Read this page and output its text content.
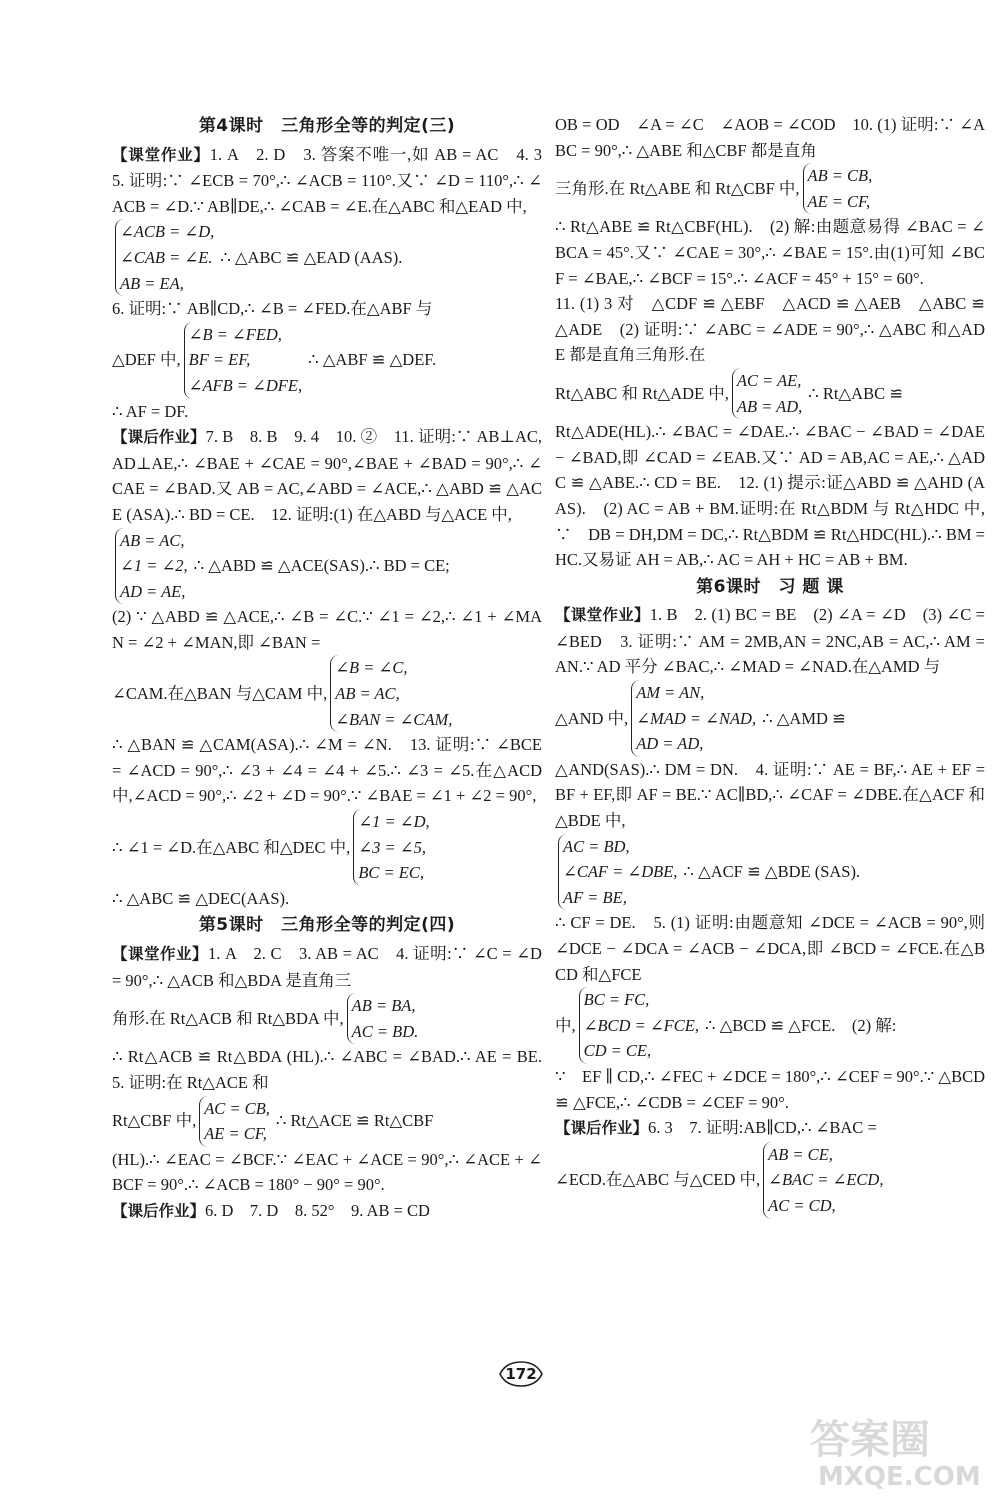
第4课时　三角形全等的判定(三)

【课堂作业】1. A　2. D　3. 答案不唯一,如 AB = AC　4. 3　5. 证明:∵ ∠ECB = 70°,∴ ∠ACB = 110°.又∵ ∠D = 110°,∴ ∠ACB = ∠D.∵ AB∥DE,∴ ∠CAB = ∠E.在△ABC 和△EAD 中,

∠ACB = ∠D,
∠CAB = ∠E.
AB = EA,
∴ △ABC ≌ △EAD (AAS).

6. 证明:∵ AB∥CD,∴ ∠B = ∠FED.在△ABF 与

△DEF 中,
∠B = ∠FED,
BF = EF,
∠AFB = ∠DFE,
∴ △ABF ≌ △DEF.

∴ AF = DF.

【课后作业】7. B　8. B　9. 4　10. ②　11. 证明:∵ AB⊥AC,AD⊥AE,∴ ∠BAE + ∠CAE = 90°,∠BAE + ∠BAD = 90°,∴ ∠CAE = ∠BAD.又 AB = AC,∠ABD = ∠ACE,∴ △ABD ≌ △ACE (ASA).∴ BD = CE.　12. 证明:(1) 在△ABD 与△ACE 中,

AB = AC,
∠1 = ∠2,
AD = AE,
∴ △ABD ≌ △ACE(SAS).∴ BD = CE;

(2) ∵ △ABD ≌ △ACE,∴ ∠B = ∠C.∵ ∠1 = ∠2,∴ ∠1 + ∠MAN = ∠2 + ∠MAN,即 ∠BAN =

∠CAM.在△BAN 与△CAM 中,
∠B = ∠C,
AB = AC,
∠BAN = ∠CAM,

∴ △BAN ≌ △CAM(ASA).∴ ∠M = ∠N.　13. 证明:∵ ∠BCE = ∠ACD = 90°,∴ ∠3 + ∠4 = ∠4 + ∠5.∴ ∠3 = ∠5.在△ACD 中,∠ACD = 90°,∴ ∠2 + ∠D = 90°.∵ ∠BAE = ∠1 + ∠2 = 90°,

∴ ∠1 = ∠D.在△ABC 和△DEC 中,
∠1 = ∠D,
∠3 = ∠5,
BC = EC,

∴ △ABC ≌ △DEC(AAS).

第5课时　三角形全等的判定(四)

【课堂作业】1. A　2. C　3. AB = AC　4. 证明:∵ ∠C = ∠D = 90°,∴ △ACB 和△BDA 是直角三

角形.在 Rt△ACB 和 Rt△BDA 中,
AB = BA,
AC = BD.

∴ Rt△ACB ≌ Rt△BDA (HL).∴ ∠ABC = ∠BAD.∴ AE = BE.　5. 证明:在 Rt△ACE 和

Rt△CBF 中,
AC = CB,
AE = CF,
∴ Rt△ACE ≌ Rt△CBF

(HL).∴ ∠EAC = ∠BCF.∵ ∠EAC + ∠ACE = 90°,∴ ∠ACE + ∠BCF = 90°.∴ ∠ACB = 180° − 90° = 90°.

【课后作业】6. D　7. D　8. 52°　9. AB = CD

OB = OD　∠A = ∠C　∠AOB = ∠COD　10. (1) 证明:∵ ∠ABC = 90°,∴ △ABE 和△CBF 都是直角

三角形.在 Rt△ABE 和 Rt△CBF 中,
AB = CB,
AE = CF,

∴ Rt△ABE ≌ Rt△CBF(HL).　(2) 解:由题意易得 ∠BAC = ∠BCA = 45°.又∵ ∠CAE = 30°,∴ ∠BAE = 15°.由(1)可知 ∠BCF = ∠BAE,∴ ∠BCF = 15°.∴ ∠ACF = 45° + 15° = 60°.

11. (1) 3 对　△CDF ≌ △EBF　△ACD ≌ △AEB　△ABC ≌ △ADE　(2) 证明:∵ ∠ABC = ∠ADE = 90°,∴ △ABC 和△ADE 都是直角三角形.在

Rt△ABC 和 Rt△ADE 中,
AC = AE,
AB = AD,
∴ Rt△ABC ≌

Rt△ADE(HL).∴ ∠BAC = ∠DAE.∴ ∠BAC − ∠BAD = ∠DAE − ∠BAD,即 ∠CAD = ∠EAB.又∵ AD = AB,AC = AE,∴ △ADC ≌ △ABE.∴ CD = BE.　12. (1) 提示:证△ABD ≌ △AHD (AAS).　(2) AC = AB + BM.证明:在 Rt△BDM 与 Rt△HDC 中,∵　DB = DH,DM = DC,∴ Rt△BDM ≌ Rt△HDC(HL).∴ BM = HC.又易证 AH = AB,∴ AC = AH + HC = AB + BM.

第6课时　习 题 课

【课堂作业】1. B　2. (1) BC = BE　(2) ∠A = ∠D　(3) ∠C = ∠BED　3. 证明:∵ AM = 2MB,AN = 2NC,AB = AC,∴ AM = AN.∵ AD 平分 ∠BAC,∴ ∠MAD = ∠NAD.在△AMD 与

△AND 中,
AM = AN,
∠MAD = ∠NAD,
AD = AD,
∴ △AMD ≌

△AND(SAS).∴ DM = DN.　4. 证明:∵ AE = BF,∴ AE + EF = BF + EF,即 AF = BE.∵ AC∥BD,∴ ∠CAF = ∠DBE.在△ACF 和△BDE 中,

AC = BD,
∠CAF = ∠DBE,
AF = BE,
∴ △ACF ≌ △BDE (SAS).

∴ CF = DE.　5. (1) 证明:由题意知 ∠DCE = ∠ACB = 90°,则 ∠DCE − ∠DCA = ∠ACB − ∠DCA,即 ∠BCD = ∠FCE.在△BCD 和△FCE

中,
BC = FC,
∠BCD = ∠FCE,
CD = CE,
∴ △BCD ≌ △FCE.　(2) 解:

∵　EF ∥ CD,∴ ∠FEC + ∠DCE = 180°,∴ ∠CEF = 90°.∵ △BCD ≌ △FCE,∴ ∠CDB = ∠CEF = 90°.

【课后作业】6. 3　7. 证明:AB∥CD,∴ ∠BAC =

∠ECD.在△ABC 与△CED 中,
AB = CE,
∠BAC = ∠ECD,
AC = CD,
172
答案圈
MXQE.COM
